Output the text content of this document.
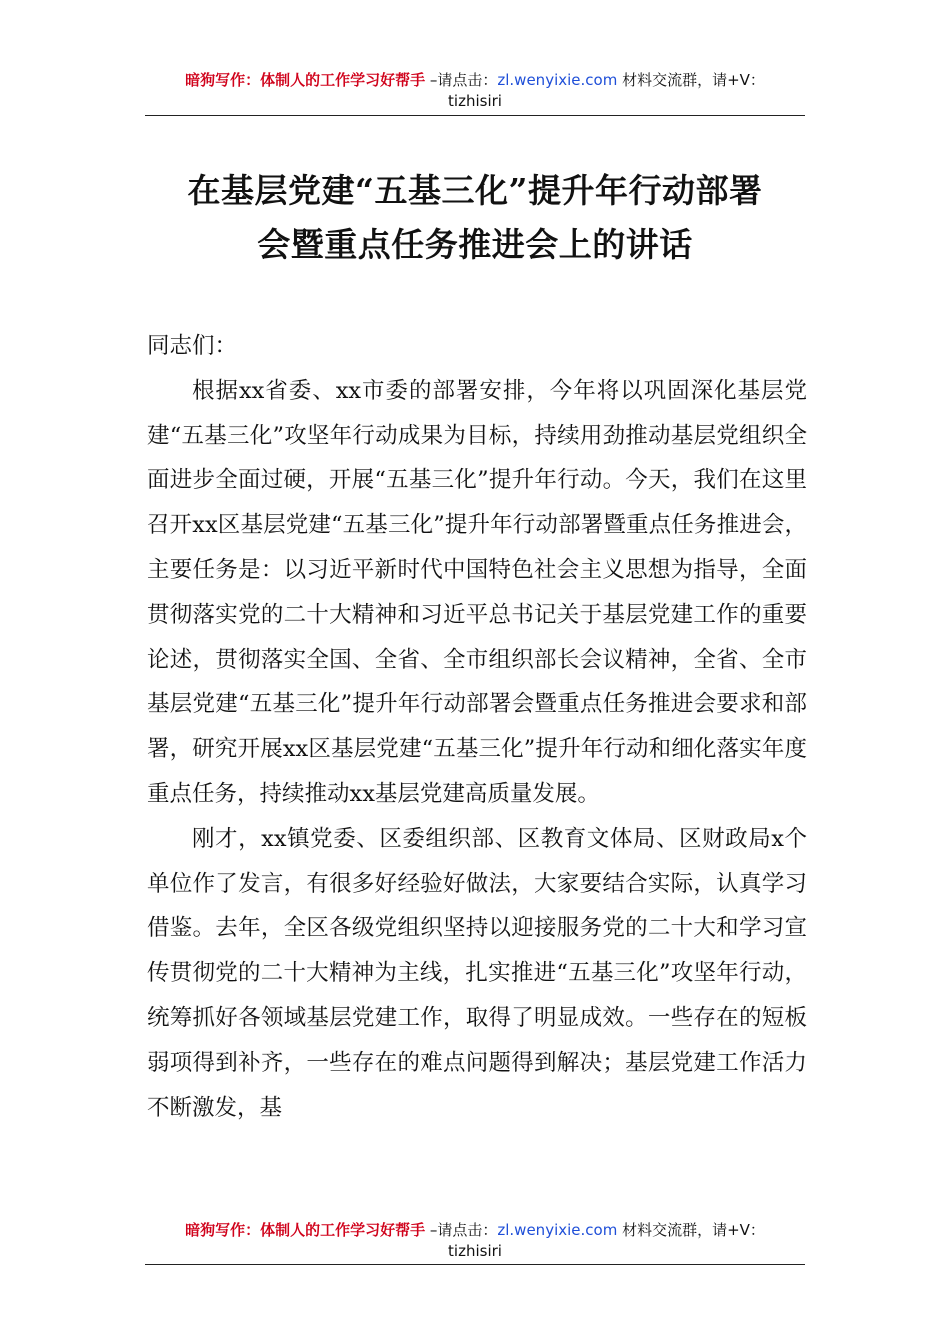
暗狗写作：体制人的工作学习好帮手 –请点击：zl.wenyixie.com 材料交流群，请+V：
tizhisiri
在基层党建“五基三化”提升年行动部署
会暨重点任务推进会上的讲话

同志们：

根据xx省委、xx市委的部署安排，今年将以巩固深化基层党建“五基三化”攻坚年行动成果为目标，持续用劲推动基层党组织全面进步全面过硬，开展“五基三化”提升年行动。今天，我们在这里召开xx区基层党建“五基三化”提升年行动部署暨重点任务推进会，主要任务是：以习近平新时代中国特色社会主义思想为指导，全面贯彻落实党的二十大精神和习近平总书记关于基层党建工作的重要论述，贯彻落实全国、全省、全市组织部长会议精神，全省、全市基层党建“五基三化”提升年行动部署会暨重点任务推进会要求和部署，研究开展xx区基层党建“五基三化”提升年行动和细化落实年度重点任务，持续推动xx基层党建高质量发展。

刚才，xx镇党委、区委组织部、区教育文体局、区财政局x个单位作了发言，有很多好经验好做法，大家要结合实际，认真学习借鉴。去年，全区各级党组织坚持以迎接服务党的二十大和学习宣传贯彻党的二十大精神为主线，扎实推进“五基三化”攻坚年行动，统筹抓好各领域基层党建工作，取得了明显成效。一些存在的短板弱项得到补齐，一些存在的难点问题得到解决；基层党建工作活力不断激发，基

暗狗写作：体制人的工作学习好帮手 –请点击：zl.wenyixie.com 材料交流群，请+V：
tizhisiri
